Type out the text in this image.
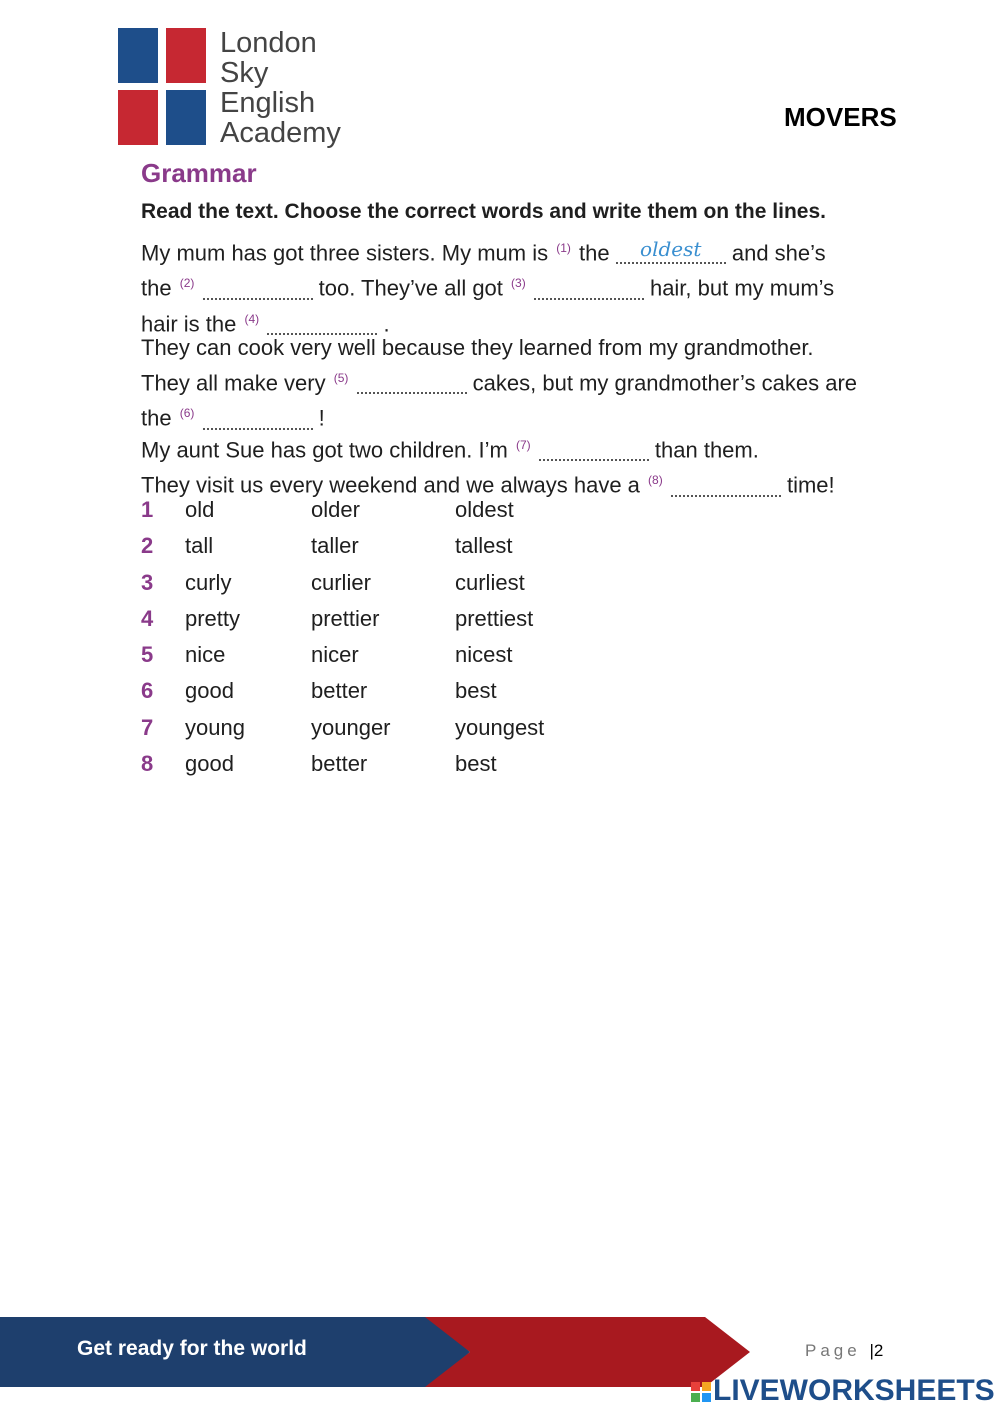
London
Sky
English
Academy	MOVERS
Grammar
Read the text. Choose the correct words and write them on the lines.
My mum has got three sisters. My mum is $^{(1)}$ the	oldest	and she’s
the $^{(2)}$	too. They’ve all got $^{(3)}$	hair, but my mum’s
hair is the $^{(4)}$	.
They can cook very well because they learned from my grandmother.
They all make very $^{(5)}$	cakes, but my grandmother’s cakes are
the $^{(6)}$	!
My aunt Sue has got two children. I’m $^{(7)}$	than them.
They visit us every weekend and we always have a $^{(8)}$	time!
1 old	older	oldest
2 tall	taller	tallest
3 curly	curlier	curliest
4 pretty	prettier	prettiest
5 nice	nicer	nicest
6 good	better	best
7 young	younger	youngest
8 good	better	best
Get ready for the world	Page |2
LIVEWORKSHEETS
